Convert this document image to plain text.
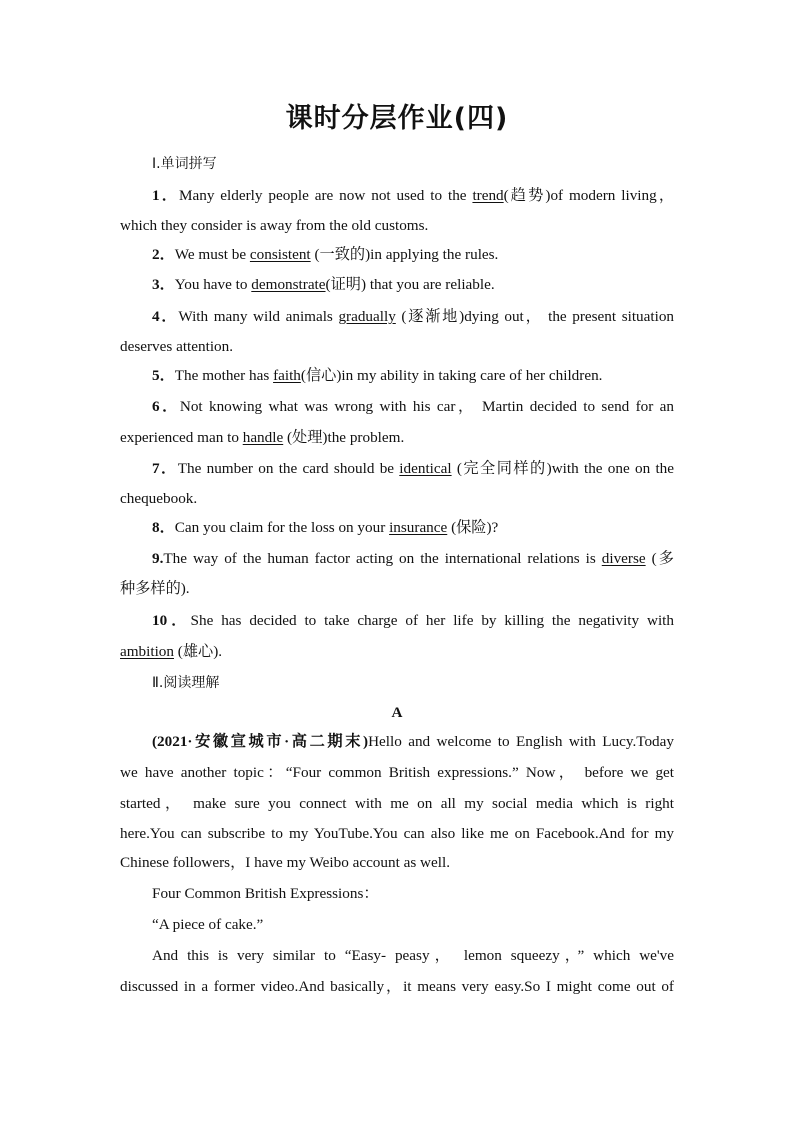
课时分层作业(四)
Ⅰ.单词拼写
1．Many elderly people are now not used to the trend(趋势)of modern living，
which they consider is away from the old customs.
2．We must be consistent (一致的)in applying the rules.
3．You have to demonstrate(证明) that you are reliable.
4．With many wild animals gradually (逐渐地)dying out， the present situation
deserves attention.
5．The mother has faith(信心)in my ability in taking care of her children.
6．Not knowing what was wrong with his car， Martin decided to send for an
experienced man to handle (处理)the problem.
7．The number on the card should be identical (完全同样的)with the one on the
chequebook.
8．Can you claim for the loss on your insurance (保险)?
9.The way of the human factor acting on the international relations is diverse (多
种多样的).
10．She has decided to take charge of her life by killing the negativity with
ambition (雄心).
Ⅱ.阅读理解
A
(2021·安徽宣城市·高二期末)Hello and welcome to English with Lucy.Today
we have another topic：“Four common British expressions.” Now， before we get
started， make sure you connect with me on all my social media which is right
here.You can subscribe to my YouTube.You can also like me on Facebook.And for my
Chinese followers，I have my Weibo account as well.
Four Common British Expressions：
“A piece of cake.”
And this is very similar to “Easy- peasy， lemon squeezy，” which we've
discussed in a former video.And basically，it means very easy.So I might come out of
